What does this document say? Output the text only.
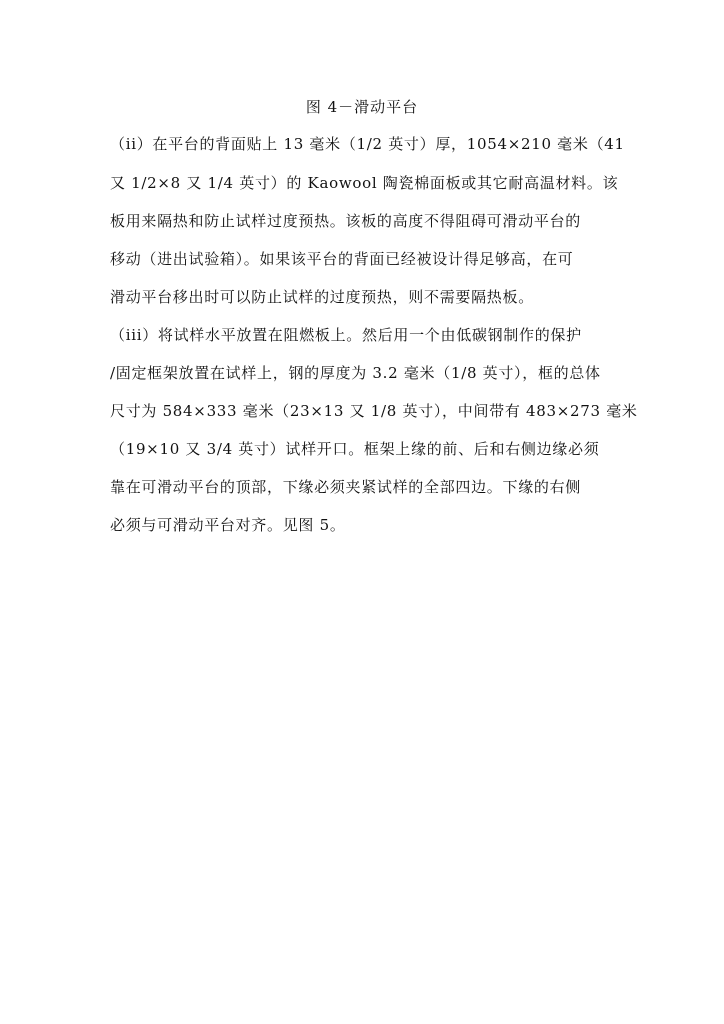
图 4－滑动平台
（ii）在平台的背面贴上 13 毫米（1/2 英寸）厚，1054×210 毫米（41
又 1/2×8 又 1/4 英寸）的 Kaowool 陶瓷棉面板或其它耐高温材料。该
板用来隔热和防止试样过度预热。该板的高度不得阻碍可滑动平台的
移动（进出试验箱）。如果该平台的背面已经被设计得足够高，在可
滑动平台移出时可以防止试样的过度预热，则不需要隔热板。
（iii）将试样水平放置在阻燃板上。然后用一个由低碳钢制作的保护
/固定框架放置在试样上，钢的厚度为 3.2 毫米（1/8 英寸），框的总体
尺寸为 584×333 毫米（23×13 又 1/8 英寸），中间带有 483×273 毫米
（19×10 又 3/4 英寸）试样开口。框架上缘的前、后和右侧边缘必须
靠在可滑动平台的顶部，下缘必须夹紧试样的全部四边。下缘的右侧
必须与可滑动平台对齐。见图 5。
